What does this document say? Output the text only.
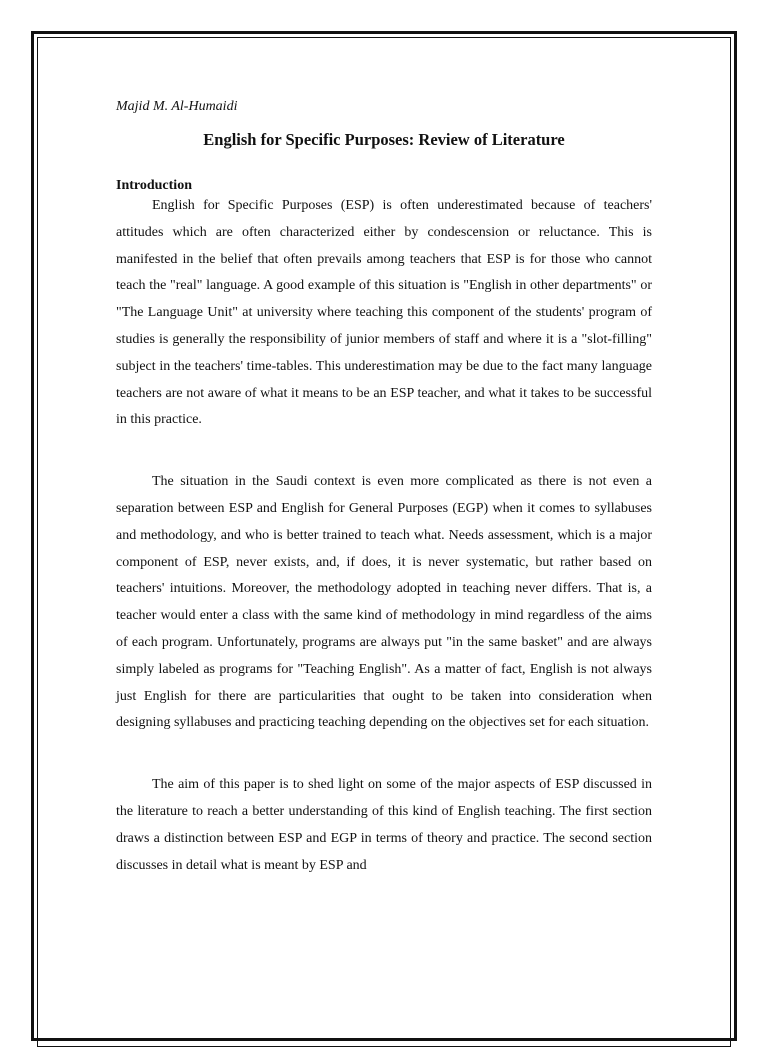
Majid M. Al-Humaidi

English for Specific Purposes: Review of Literature
Introduction

English for Specific Purposes (ESP) is often underestimated because of teachers' attitudes which are often characterized either by condescension or reluctance. This is manifested in the belief that often prevails among teachers that ESP is for those who cannot teach the "real" language. A good example of this situation is "English in other departments" or "The Language Unit" at university where teaching this component of the students' program of studies is generally the responsibility of junior members of staff and where it is a "slot-filling" subject in the teachers' time-tables. This underestimation may be due to the fact many language teachers are not aware of what it means to be an ESP teacher, and what it takes to be successful in this practice.

The situation in the Saudi context is even more complicated as there is not even a separation between ESP and English for General Purposes (EGP) when it comes to syllabuses and methodology, and who is better trained to teach what. Needs assessment, which is a major component of ESP, never exists, and, if does, it is never systematic, but rather based on teachers' intuitions. Moreover, the methodology adopted in teaching never differs. That is, a teacher would enter a class with the same kind of methodology in mind regardless of the aims of each program. Unfortunately, programs are always put "in the same basket" and are always simply labeled as programs for "Teaching English". As a matter of fact, English is not always just English for there are particularities that ought to be taken into consideration when designing syllabuses and practicing teaching depending on the objectives set for each situation.

The aim of this paper is to shed light on some of the major aspects of ESP discussed in the literature to reach a better understanding of this kind of English teaching. The first section draws a distinction between ESP and EGP in terms of theory and practice. The second section discusses in detail what is meant by ESP and
